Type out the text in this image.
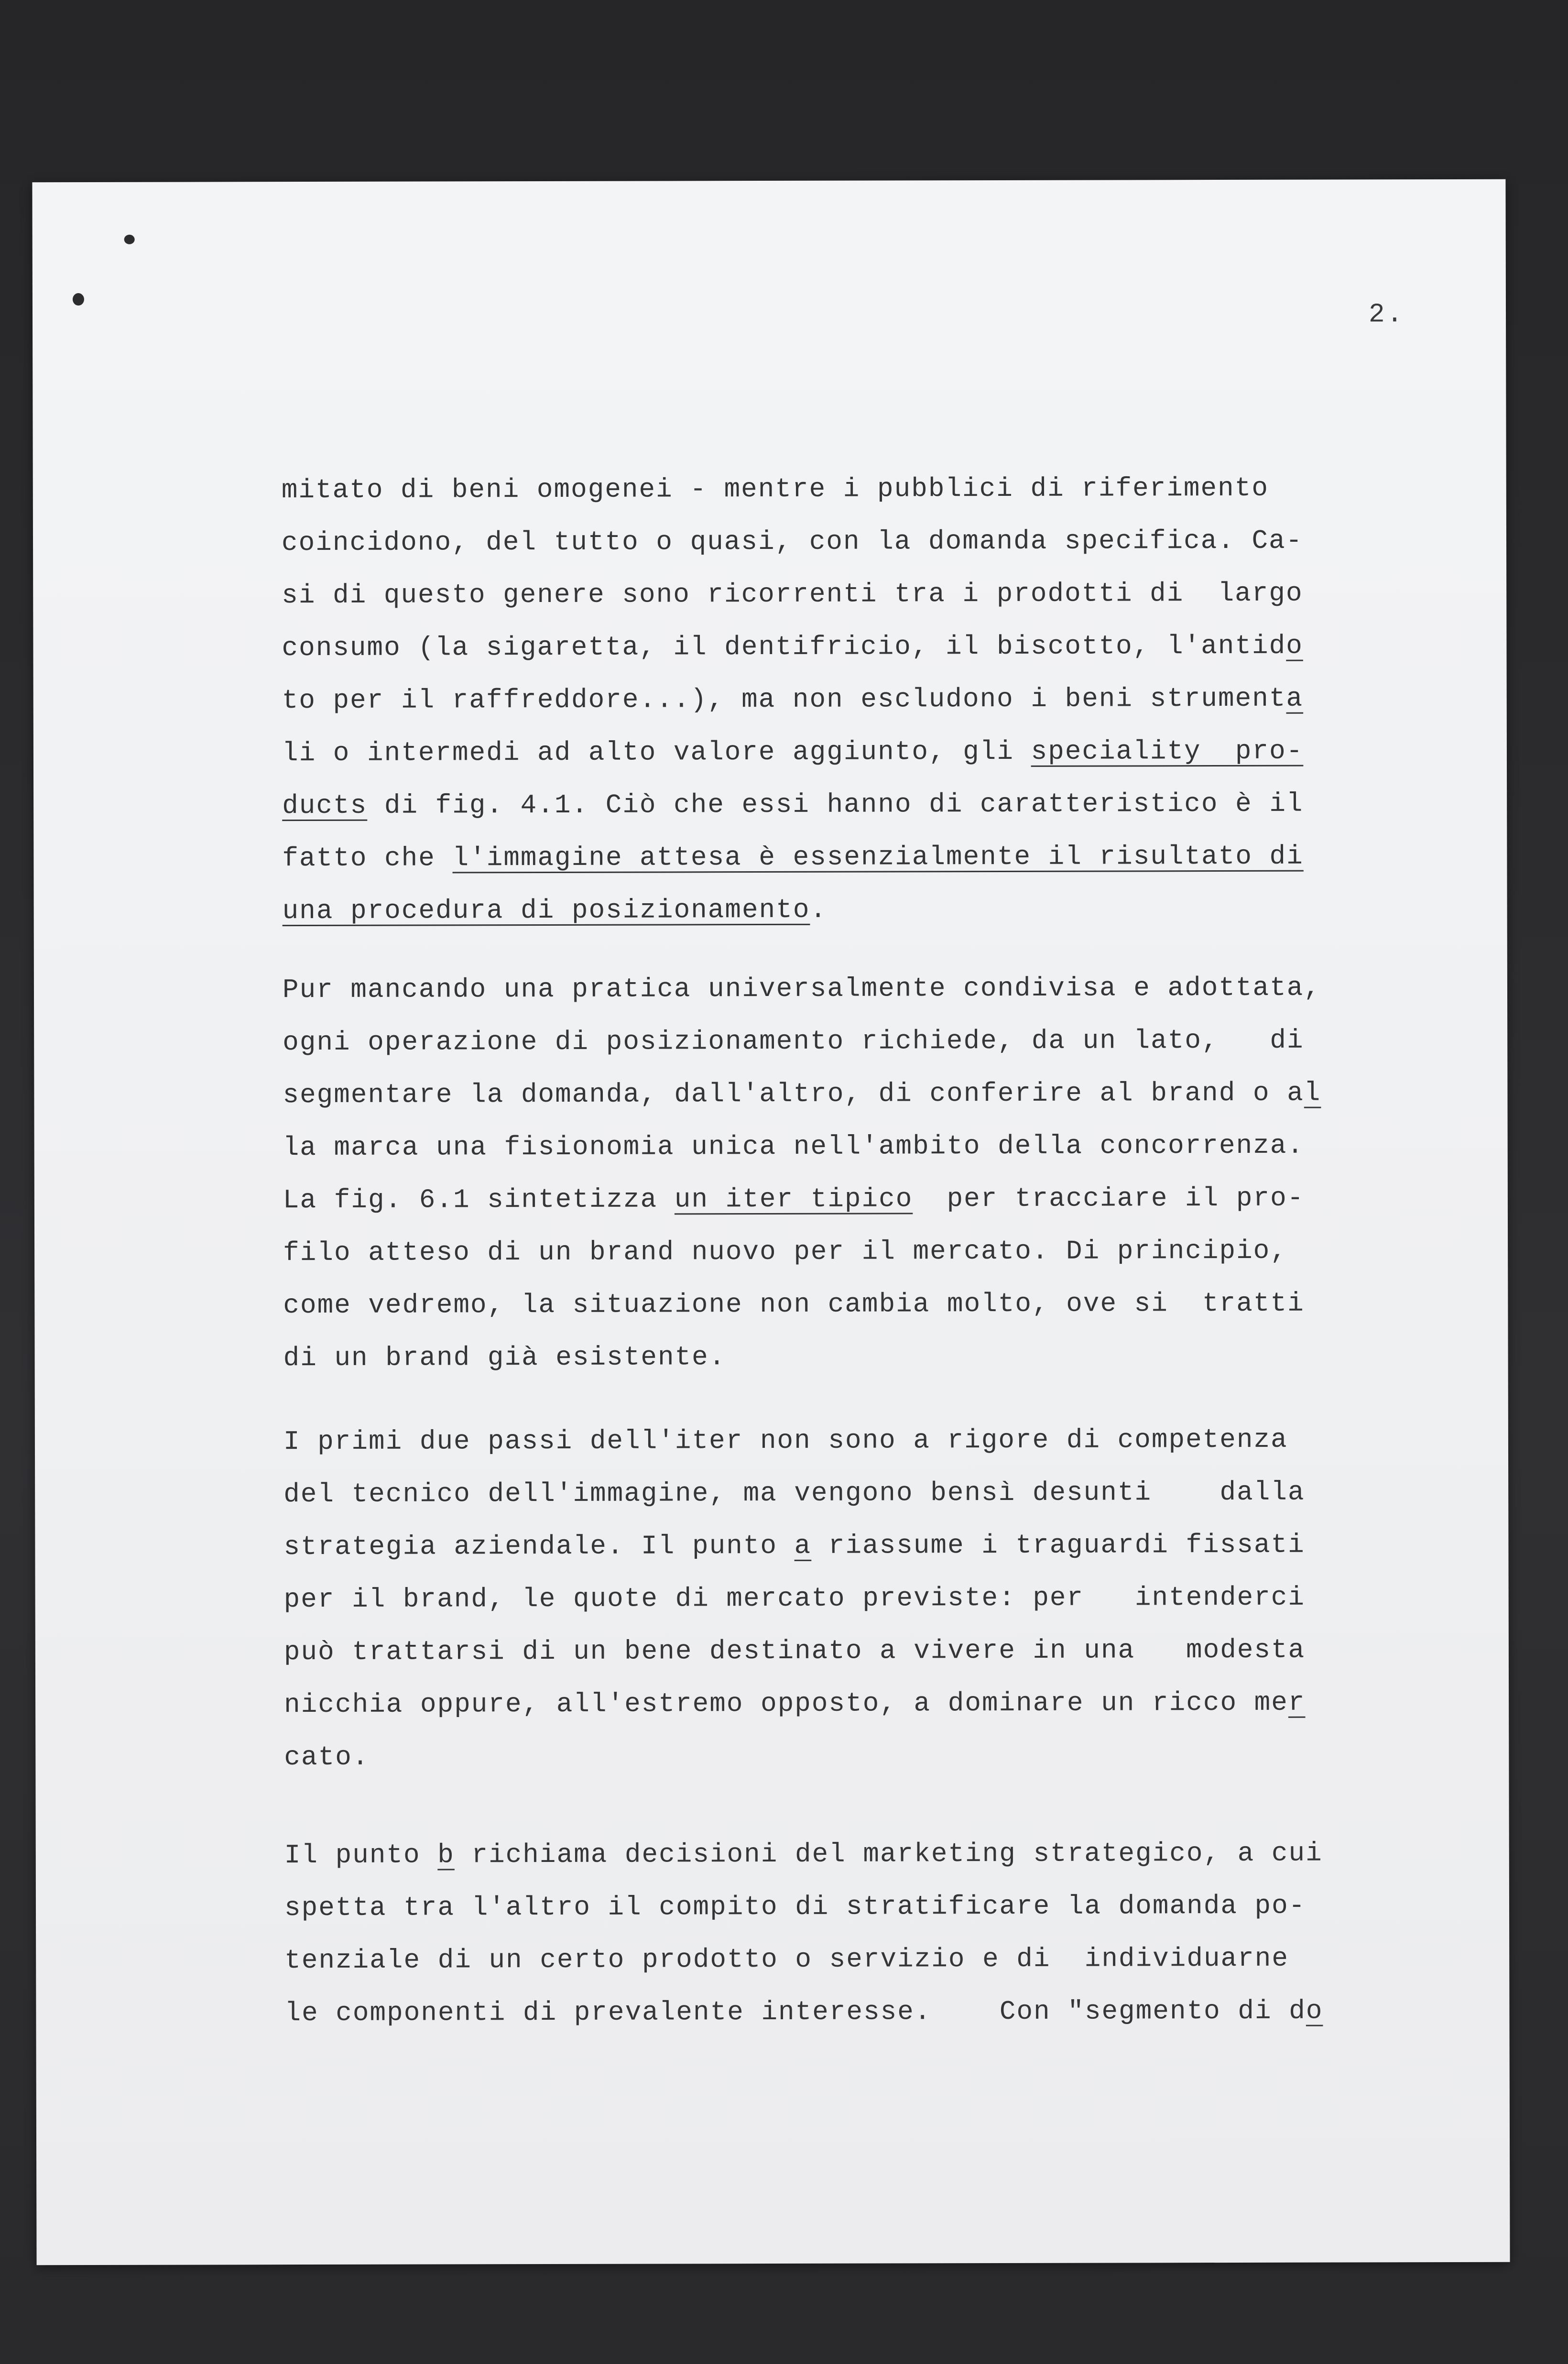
2.
mitato di beni omogenei - mentre i pubblici di riferimento
coincidono, del tutto o quasi, con la domanda specifica. Ca-
si di questo genere sono ricorrenti tra i prodotti di  largo
consumo (la sigaretta, il dentifricio, il biscotto, l'antido
to per il raffreddore...), ma non escludono i beni strumenta
li o intermedi ad alto valore aggiunto, gli speciality  pro-
ducts di fig. 4.1. Ciò che essi hanno di caratteristico è il
fatto che l'immagine attesa è essenzialmente il risultato di
una procedura di posizionamento.
Pur mancando una pratica universalmente condivisa e adottata,
ogni operazione di posizionamento richiede, da un lato,   di
segmentare la domanda, dall'altro, di conferire al brand o al
la marca una fisionomia unica nell'ambito della concorrenza.
La fig. 6.1 sintetizza un iter tipico  per tracciare il pro-
filo atteso di un brand nuovo per il mercato. Di principio,
come vedremo, la situazione non cambia molto, ove si  tratti
di un brand già esistente.
I primi due passi dell'iter non sono a rigore di competenza
del tecnico dell'immagine, ma vengono bensì desunti    dalla
strategia aziendale. Il punto a riassume i traguardi fissati
per il brand, le quote di mercato previste: per   intenderci
può trattarsi di un bene destinato a vivere in una   modesta
nicchia oppure, all'estremo opposto, a dominare un ricco mer
cato.
Il punto b richiama decisioni del marketing strategico, a cui
spetta tra l'altro il compito di stratificare la domanda po-
tenziale di un certo prodotto o servizio e di  individuarne
le componenti di prevalente interesse.    Con "segmento di do
